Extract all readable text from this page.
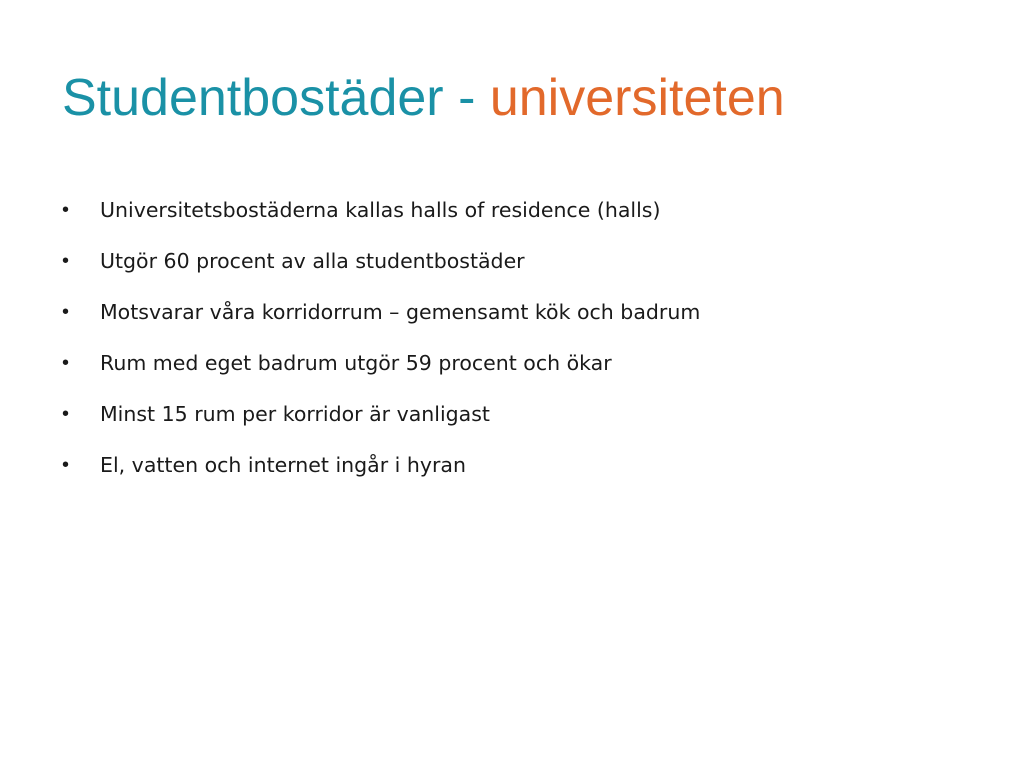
Studentbostäder - universiteten
•	Universitetsbostäderna kallas halls of residence (halls)
•	Utgör 60 procent av alla studentbostäder
•	Motsvarar våra korridorrum – gemensamt kök och badrum
•	Rum med eget badrum utgör 59 procent och ökar
•	Minst 15 rum per korridor är vanligast
•	El, vatten och internet ingår i hyran
